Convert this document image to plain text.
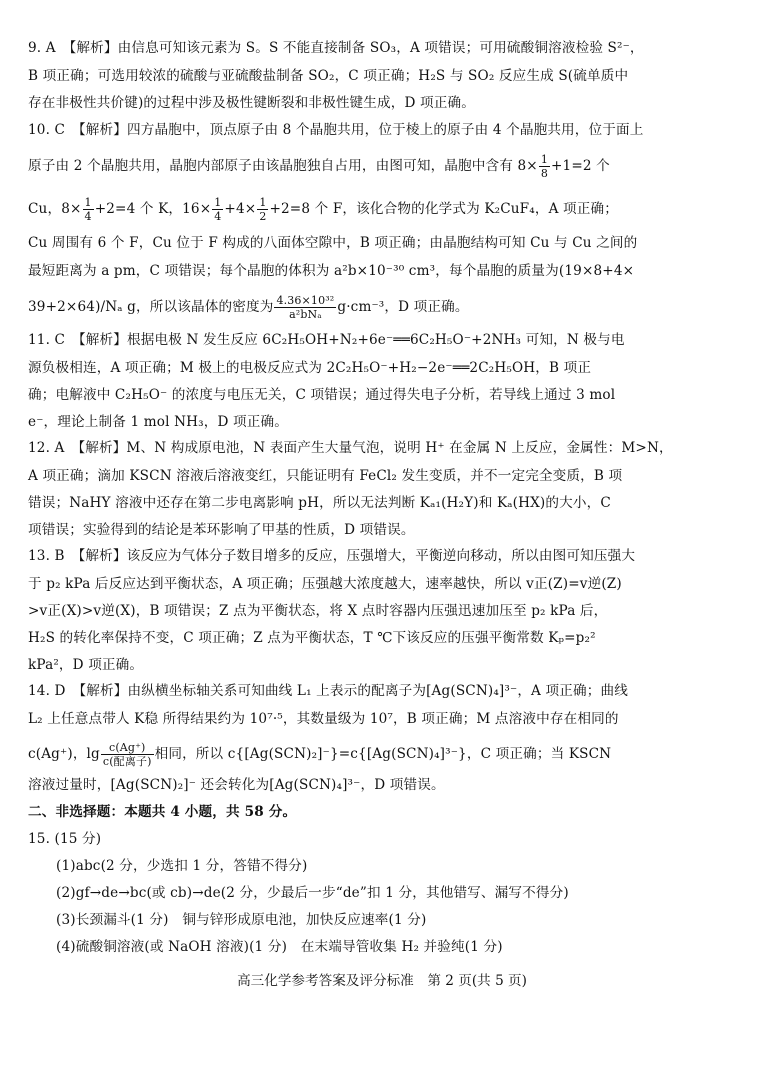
9. A　【解析】由信息可知该元素为 S。S 不能直接制备 SO₃，A 项错误；可用硫酸铜溶液检验 S²⁻，
B 项正确；可选用较浓的硫酸与亚硫酸盐制备 SO₂，C 项正确；H₂S 与 SO₂ 反应生成 S(硫单质中
存在非极性共价键)的过程中涉及极性键断裂和非极性键生成，D 项正确。
10. C　【解析】四方晶胞中，顶点原子由 8 个晶胞共用，位于棱上的原子由 4 个晶胞共用，位于面上
原子由 2 个晶胞共用，晶胞内部原子由该晶胞独自占用，由图可知，晶胞中含有 $8\times \frac{1}{8} +1=2$ 个
Cu，$8\times \frac{1}{4} +2=4$ 个 K，$16\times \frac{1}{4} +4\times \frac{1}{2} +2=8$ 个 F，该化合物的化学式为 K₂CuF₄，A 项正确；
Cu 周围有 6 个 F，Cu 位于 F 构成的八面体空隙中，B 项正确；由晶胞结构可知 Cu 与 Cu 之间的
最短距离为 a pm，C 项错误；每个晶胞的体积为 a²b×10⁻³⁰ cm³，每个晶胞的质量为(19×8+4×
39+2×64)/Nₐ g，所以该晶体的密度为 $\frac{\text{4.36×10³²}}{\text{a²bNₐ}} g\cdot cm^{-3}$，D 项正确。
11. C　【解析】根据电极 N 发生反应 6C₂H₅OH+N₂+6e⁻══6C₂H₅O⁻+2NH₃ 可知，N 极与电
源负极相连，A 项正确；M 极上的电极反应式为 2C₂H₅O⁻+H₂−2e⁻══2C₂H₅OH，B 项正
确；电解液中 C₂H₅O⁻ 的浓度与电压无关，C 项错误；通过得失电子分析，若导线上通过 3 mol
e⁻，理论上制备 1 mol NH₃，D 项正确。
12. A　【解析】M、N 构成原电池，N 表面产生大量气泡，说明 H⁺ 在金属 N 上反应，金属性：M>N，
A 项正确；滴加 KSCN 溶液后溶液变红，只能证明有 FeCl₂ 发生变质，并不一定完全变质，B 项
错误；NaHY 溶液中还存在第二步电离影响 pH，所以无法判断 Kₐ₁(H₂Y)和 Kₐ(HX)的大小，C
项错误；实验得到的结论是苯环影响了甲基的性质，D 项错误。
13. B　【解析】该反应为气体分子数目增多的反应，压强增大，平衡逆向移动，所以由图可知压强大
于 p₂ kPa 后反应达到平衡状态，A 项正确；压强越大浓度越大，速率越快，所以 v正(Z)=v逆(Z)
>v正(X)>v逆(X)，B 项错误；Z 点为平衡状态，将 X 点时容器内压强迅速加压至 p₂ kPa 后，
H₂S 的转化率保持不变，C 项正确；Z 点为平衡状态，T ℃下该反应的压强平衡常数 Kₚ=p₂²
kPa²，D 项正确。
14. D　【解析】由纵横坐标轴关系可知曲线 L₁ 上表示的配离子为[Ag(SCN)₄]³⁻，A 项正确；曲线
L₂ 上任意点带人 K稳 所得结果约为 10⁷·⁵，其数量级为 10⁷，B 项正确；M 点溶液中存在相同的
c(Ag⁺)，$\lg \frac{c(Ag^+)}{\text{c(配离子)}}$ 相同，所以 c{[Ag(SCN)₂]⁻}=c{[Ag(SCN)₄]³⁻}，C 项正确；当 KSCN
溶液过量时，[Ag(SCN)₂]⁻ 还会转化为[Ag(SCN)₄]³⁻，D 项错误。
二、非选择题：本题共 4 小题，共 58 分。
15. (15 分)
(1)abc(2 分，少选扣 1 分，答错不得分)
(2)gf→de→bc(或 cb)→de(2 分，少最后一步“de”扣 1 分，其他错写、漏写不得分)
(3)长颈漏斗(1 分)　铜与锌形成原电池，加快反应速率(1 分)
(4)硫酸铜溶液(或 NaOH 溶液)(1 分)　在末端导管收集 H₂ 并验纯(1 分)
高三化学参考答案及评分标准　第 2 页(共 5 页)
